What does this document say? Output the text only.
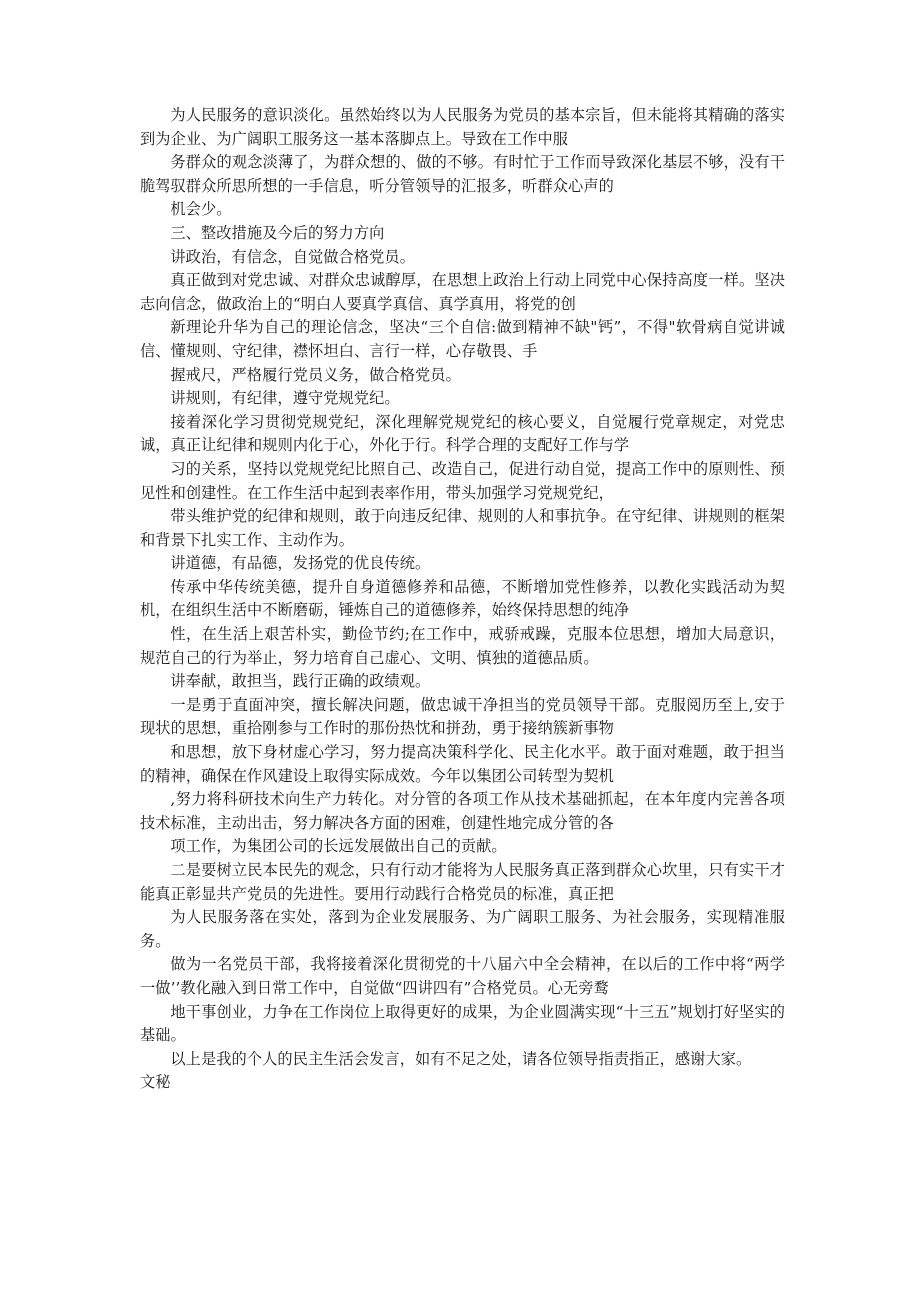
为人民服务的意识淡化。虽然始终以为人民服务为党员的基本宗旨，但未能将其精确的落实到为企业、为广阔职工服务这一基本落脚点上。导致在工作中服

务群众的观念淡薄了，为群众想的、做的不够。有时忙于工作而导致深化基层不够，没有干脆驾驭群众所思所想的一手信息，听分管领导的汇报多，听群众心声的

机会少。

三、整改措施及今后的努力方向

讲政治，有信念，自觉做合格党员。

真正做到对党忠诚、对群众忠诚醇厚，在思想上政治上行动上同党中心保持高度一样。坚决志向信念，做政治上的“明白人要真学真信、真学真用，将党的创

新理论升华为自己的理论信念，坚决“三个自信:做到精神不缺"钙”，不得"软骨病自觉讲诚信、懂规则、守纪律，襟怀坦白、言行一样，心存敬畏、手

握戒尺，严格履行党员义务，做合格党员。

讲规则，有纪律，遵守党规党纪。

接着深化学习贯彻党规党纪，深化理解党规党纪的核心要义，自觉履行党章规定，对党忠诚，真正让纪律和规则内化于心，外化于行。科学合理的支配好工作与学

习的关系，坚持以党规党纪比照自己、改造自己，促进行动自觉，提高工作中的原则性、预见性和创建性。在工作生活中起到表率作用，带头加强学习党规党纪，

带头维护党的纪律和规则，敢于向违反纪律、规则的人和事抗争。在守纪律、讲规则的框架和背景下扎实工作、主动作为。

讲道德，有品德，发扬党的优良传统。

传承中华传统美德，提升自身道德修养和品德，不断增加党性修养，以教化实践活动为契机，在组织生活中不断磨砺，锤炼自己的道德修养，始终保持思想的纯净

性，在生活上艰苦朴实，勤俭节约;在工作中，戒骄戒躁，克服本位思想，增加大局意识，规范自己的行为举止，努力培育自己虚心、文明、慎独的道德品质。

讲奉献，敢担当，践行正确的政绩观。

一是勇于直面冲突，擅长解决问题，做忠诚干净担当的党员领导干部。克服阅历至上,安于现状的思想，重拾刚参与工作时的那份热忱和拼劲，勇于接纳簇新事物

和思想，放下身材虚心学习，努力提高决策科学化、民主化水平。敢于面对难题，敢于担当的精神，确保在作风建设上取得实际成效。今年以集团公司转型为契机

,努力将科研技术向生产力转化。对分管的各项工作从技术基础抓起，在本年度内完善各项技术标准，主动出击，努力解决各方面的困难，创建性地完成分管的各

项工作，为集团公司的长远发展做出自己的贡献。

二是要树立民本民先的观念，只有行动才能将为人民服务真正落到群众心坎里，只有实干才能真正彰显共产党员的先进性。要用行动践行合格党员的标准，真正把

为人民服务落在实处，落到为企业发展服务、为广阔职工服务、为社会服务，实现精准服务。

做为一名党员干部，我将接着深化贯彻党的十八届六中全会精神，在以后的工作中将“两学一做’’教化融入到日常工作中，自觉做“四讲四有”合格党员。心无旁鹜

地干事创业，力争在工作岗位上取得更好的成果，为企业圆满实现“十三五”规划打好坚实的基础。

以上是我的个人的民主生活会发言，如有不足之处，请各位领导指责指正，感谢大家。

文秘
